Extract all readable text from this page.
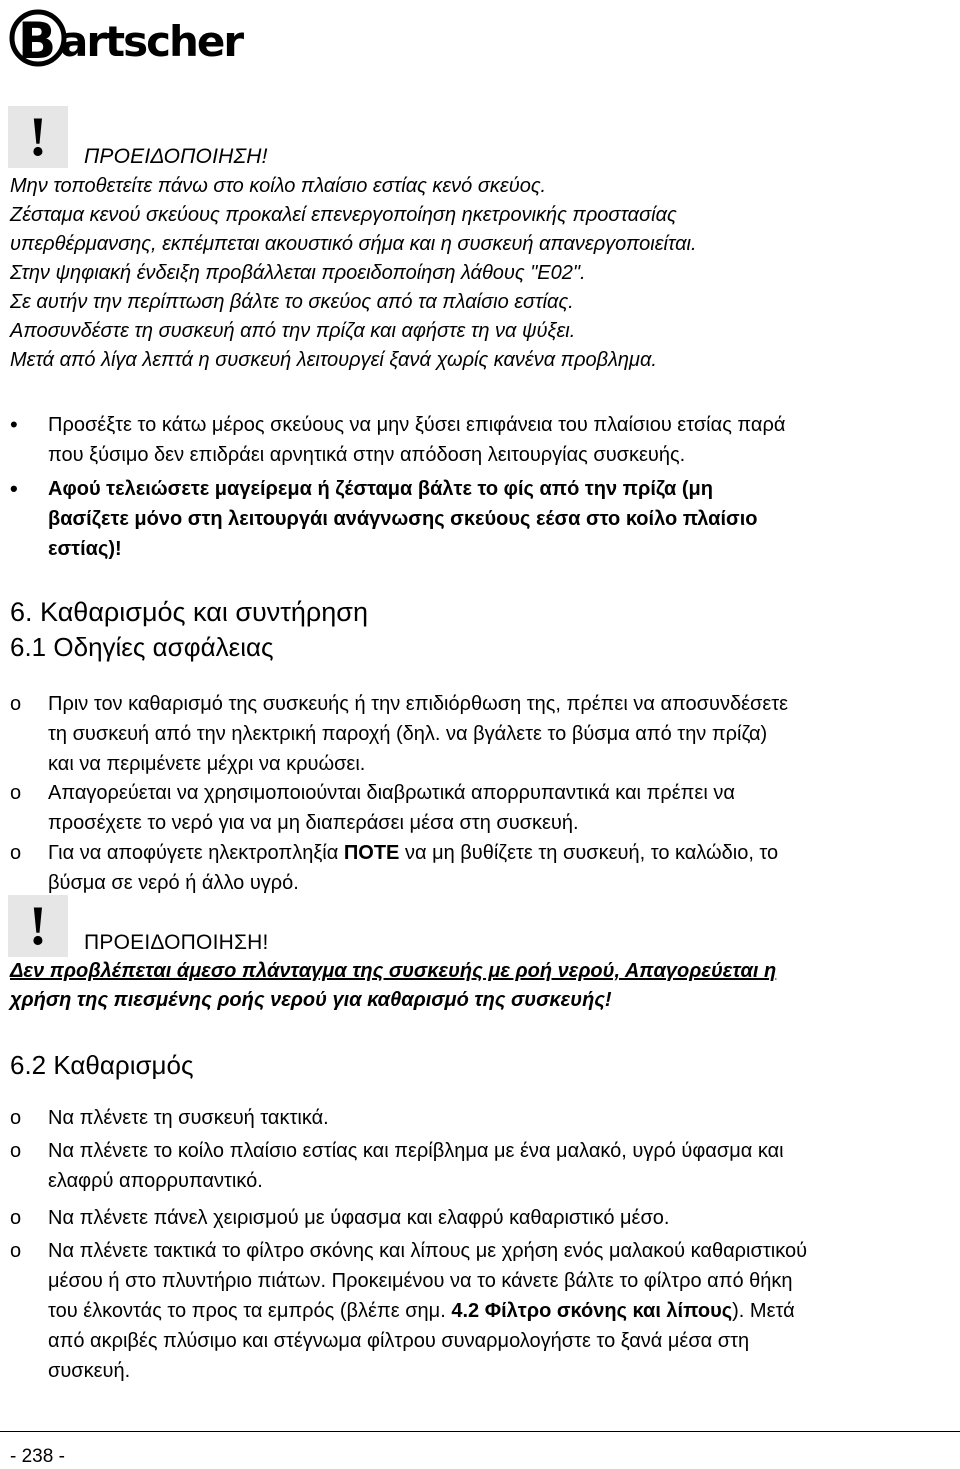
B artscher
!	ΠΡΟΕΙΔΟΠΟΙΗΣΗ!
Μην τοποθετείτε πάνω στο κοίλο πλαίσιο εστίας κενό σκεύος.
Ζέσταμα κενού σκεύους προκαλεί επενεργοποίηση ηκετρονικής προστασίας
υπερθέρμανσης, εκπέμπεται ακουστικό σήμα και η συσκευή απανεργοποιείται.
Στην ψηφιακή ένδειξη προβάλλεται προειδοποίηση λάθους "E02".
Σε αυτήν την περίπτωση βάλτε το σκεύος από τα πλαίσιο εστίας.
Αποσυνδέστε τη συσκευή από την πρίζα και αφήστε τη να ψύξει.
Μετά από λίγα λεπτά η συσκευή λειτουργεί ξανά χωρίς κανένα προβλημα.
•
Προσέξτε το κάτω μέρος σκεύους να μην ξύσει επιφάνεια του πλαίσιου ετσίας παρά
που ξύσιμο δεν επιδράει αρνητικά στην απόδοση λειτουργίας συσκευής.
•
Αφού τελειώσετε μαγείρεμα ή ζέσταμα βάλτε το φίς από την πρίζα (μη
βασίζετε μόνο στη λειτουργάι ανάγνωσης σκεύους εέσα στο κοίλο πλαίσιο
εστίας)!
6. Καθαρισμός και συντήρηση
6.1 Οδηγίες ασφάλειας
o Πριν τον καθαρισμό της συσκευής ή την επιδιόρθωση της, πρέπει να αποσυνδέσετε
τη συσκευή από την ηλεκτρική παροχή (δηλ. να βγάλετε το βύσμα από την πρίζα)
και να περιμένετε μέχρι να κρυώσει.
o Απαγορεύεται να χρησιμοποιούνται διαβρωτικά απορρυπαντικά και πρέπει να
προσέχετε το νερό για να μη διαπεράσει μέσα στη συσκευή.
o Για να αποφύγετε ηλεκτροπληξία ΠΟΤΕ να μη βυθίζετε τη συσκευή, το καλώδιο, το
βύσμα σε νερό ή άλλο υγρό.
!	ΠΡΟΕΙΔΟΠΟΙΗΣΗ!
Δεν προβλέπεται άμεσο πλάνταγμα της συσκευής με ροή νερού, Απαγορεύεται η
χρήση της πιεσμένης ροής νερού για καθαρισμό της συσκευής!
6.2 Καθαρισμός
o Να πλένετε τη συσκευή τακτικά.
o Να πλένετε το κοίλο πλαίσιο εστίας και περίβλημα με ένα μαλακό, υγρό ύφασμα και
ελαφρύ απορρυπαντικό.
o Να πλένετε πάνελ χειρισμού με ύφασμα και ελαφρύ καθαριστικό μέσο.
o Να πλένετε τακτικά το φίλτρο σκόνης και λίπους με χρήση ενός μαλακού καθαριστικού
μέσου ή στο πλυντήριο πιάτων. Προκειμένου να το κάνετε βάλτε το φίλτρο από θήκη
του έλκοντάς το προς τα εμπρός (βλέπε σημ. 4.2 Φίλτρο σκόνης και λίπους). Μετά
από ακριβές πλύσιμο και στέγνωμα φίλτρου συναρμολογήστε το ξανά μέσα στη
συσκευή.
- 238 -
